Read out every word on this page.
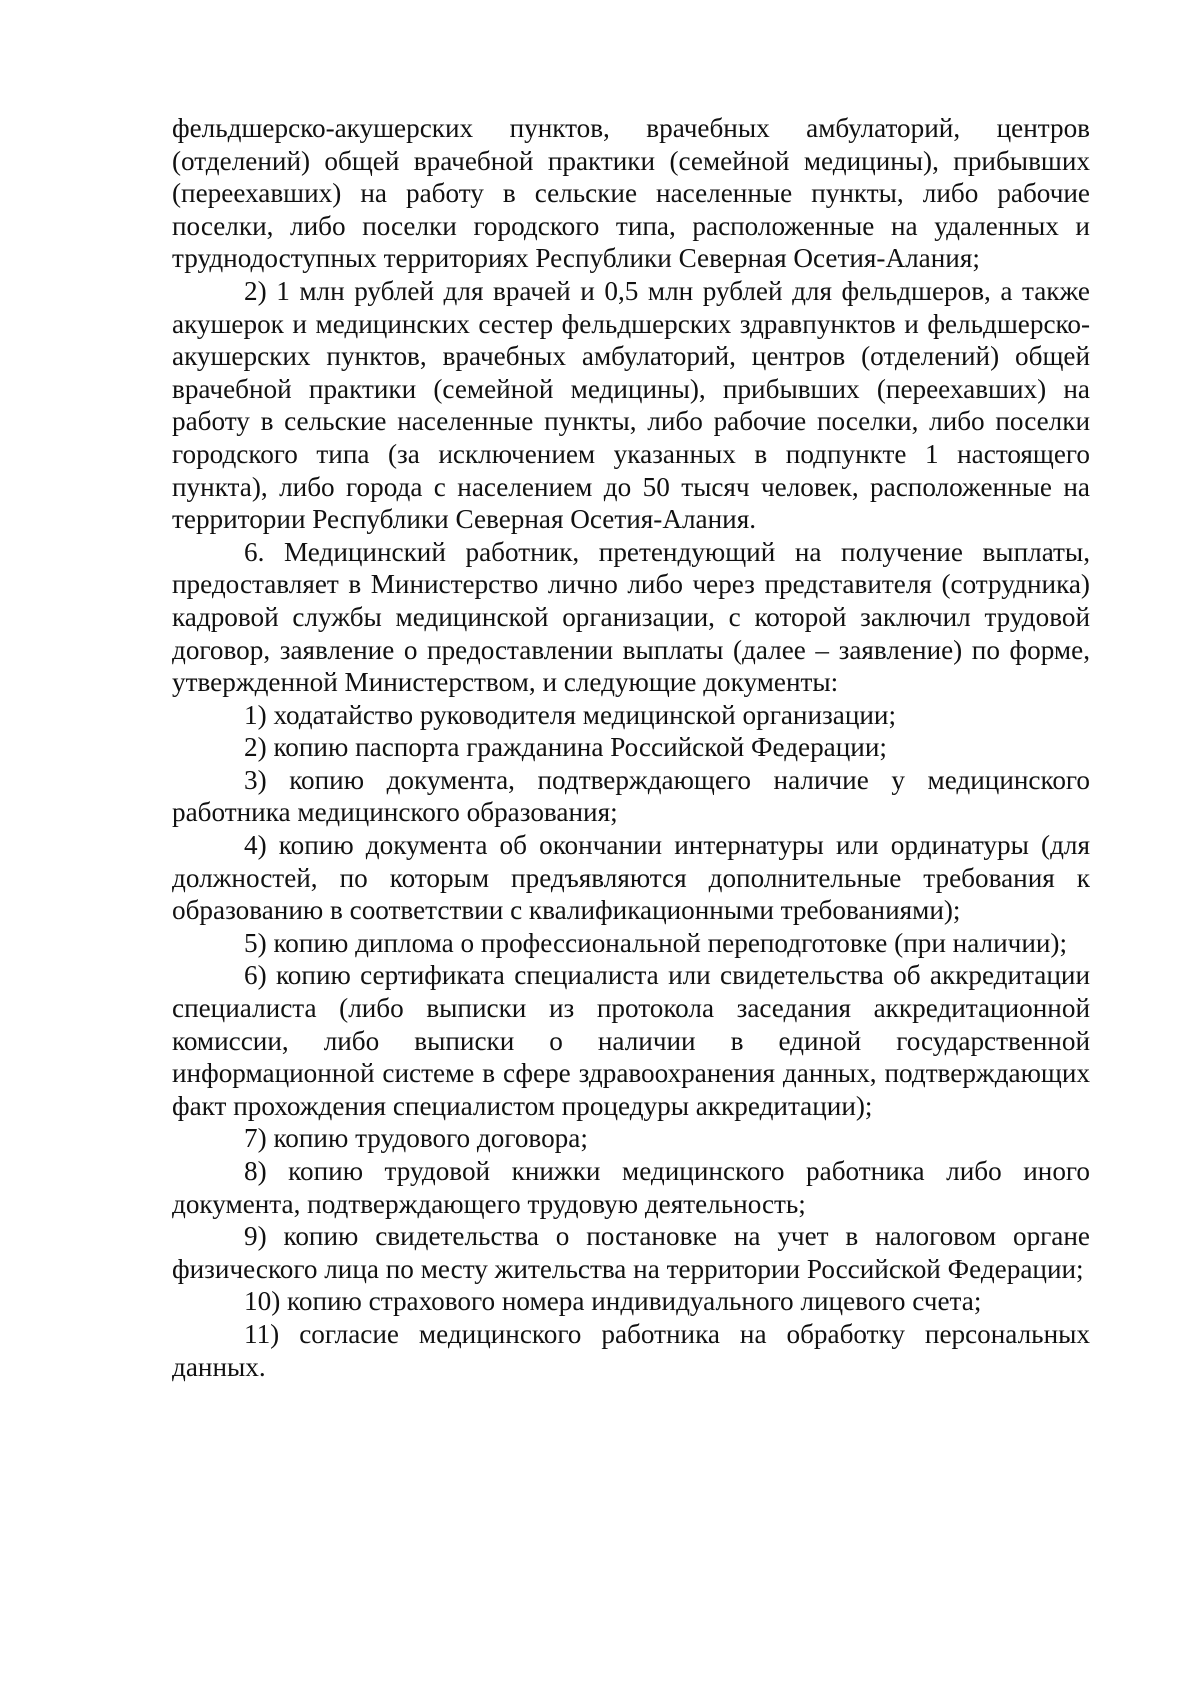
фельдшерско-акушерских пунктов, врачебных амбулаторий, центров (отделений) общей врачебной практики (семейной медицины), прибывших (переехавших) на работу в сельские населенные пункты, либо рабочие поселки, либо поселки городского типа, расположенные на удаленных и труднодоступных территориях Республики Северная Осетия-Алания;

2) 1 млн рублей для врачей и 0,5 млн рублей для фельдшеров, а также акушерок и медицинских сестер фельдшерских здравпунктов и фельдшерско-акушерских пунктов, врачебных амбулаторий, центров (отделений) общей врачебной практики (семейной медицины), прибывших (переехавших) на работу в сельские населенные пункты, либо рабочие поселки, либо поселки городского типа (за исключением указанных в подпункте 1 настоящего пункта), либо города с населением до 50 тысяч человек, расположенные на территории Республики Северная Осетия-Алания.

6. Медицинский работник, претендующий на получение выплаты, предоставляет в Министерство лично либо через представителя (сотрудника) кадровой службы медицинской организации, с которой заключил трудовой договор, заявление о предоставлении выплаты (далее – заявление) по форме, утвержденной Министерством, и следующие документы:

1) ходатайство руководителя медицинской организации;

2) копию паспорта гражданина Российской Федерации;

3) копию документа, подтверждающего наличие у медицинского работника медицинского образования;

4) копию документа об окончании интернатуры или ординатуры (для должностей, по которым предъявляются дополнительные требования к образованию в соответствии с квалификационными требованиями);

5) копию диплома о профессиональной переподготовке (при наличии);

6) копию сертификата специалиста или свидетельства об аккредитации специалиста (либо выписки из протокола заседания аккредитационной комиссии, либо выписки о наличии в единой государственной информационной системе в сфере здравоохранения данных, подтверждающих факт прохождения специалистом процедуры аккредитации);

7) копию трудового договора;

8) копию трудовой книжки медицинского работника либо иного документа, подтверждающего трудовую деятельность;

9) копию свидетельства о постановке на учет в налоговом органе физического лица по месту жительства на территории Российской Федерации;

10) копию страхового номера индивидуального лицевого счета;

11) согласие медицинского работника на обработку персональных данных.
